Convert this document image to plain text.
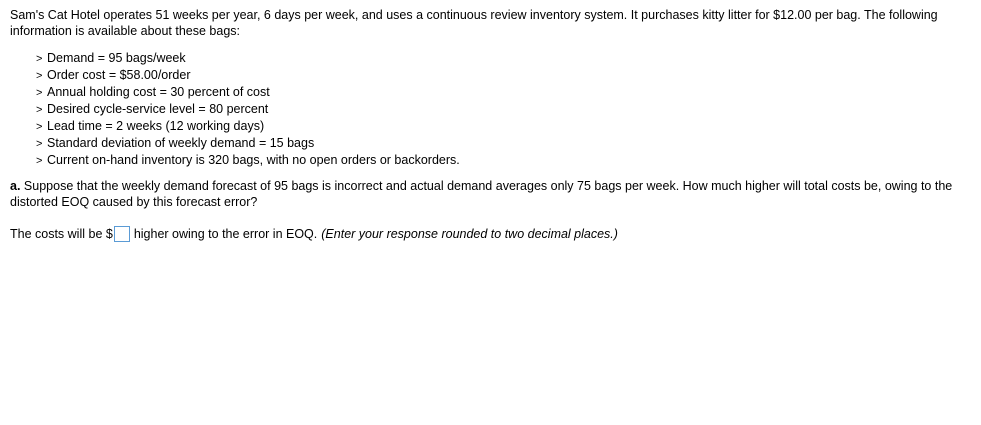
Sam's Cat Hotel operates 51 weeks per year, 6 days per week, and uses a continuous review inventory system. It purchases kitty litter for $12.00 per bag. The following information is available about these bags:

> Demand = 95 bags/week
> Order cost = $58.00/order
> Annual holding cost = 30 percent of cost
> Desired cycle-service level = 80 percent
> Lead time = 2 weeks (12 working days)
> Standard deviation of weekly demand = 15 bags
> Current on-hand inventory is 320 bags, with no open orders or backorders.

a. Suppose that the weekly demand forecast of 95 bags is incorrect and actual demand averages only 75 bags per week. How much higher will total costs be, owing to the distorted EOQ caused by this forecast error?

The costs will be $ higher owing to the error in EOQ. (Enter your response rounded to two decimal places.)
